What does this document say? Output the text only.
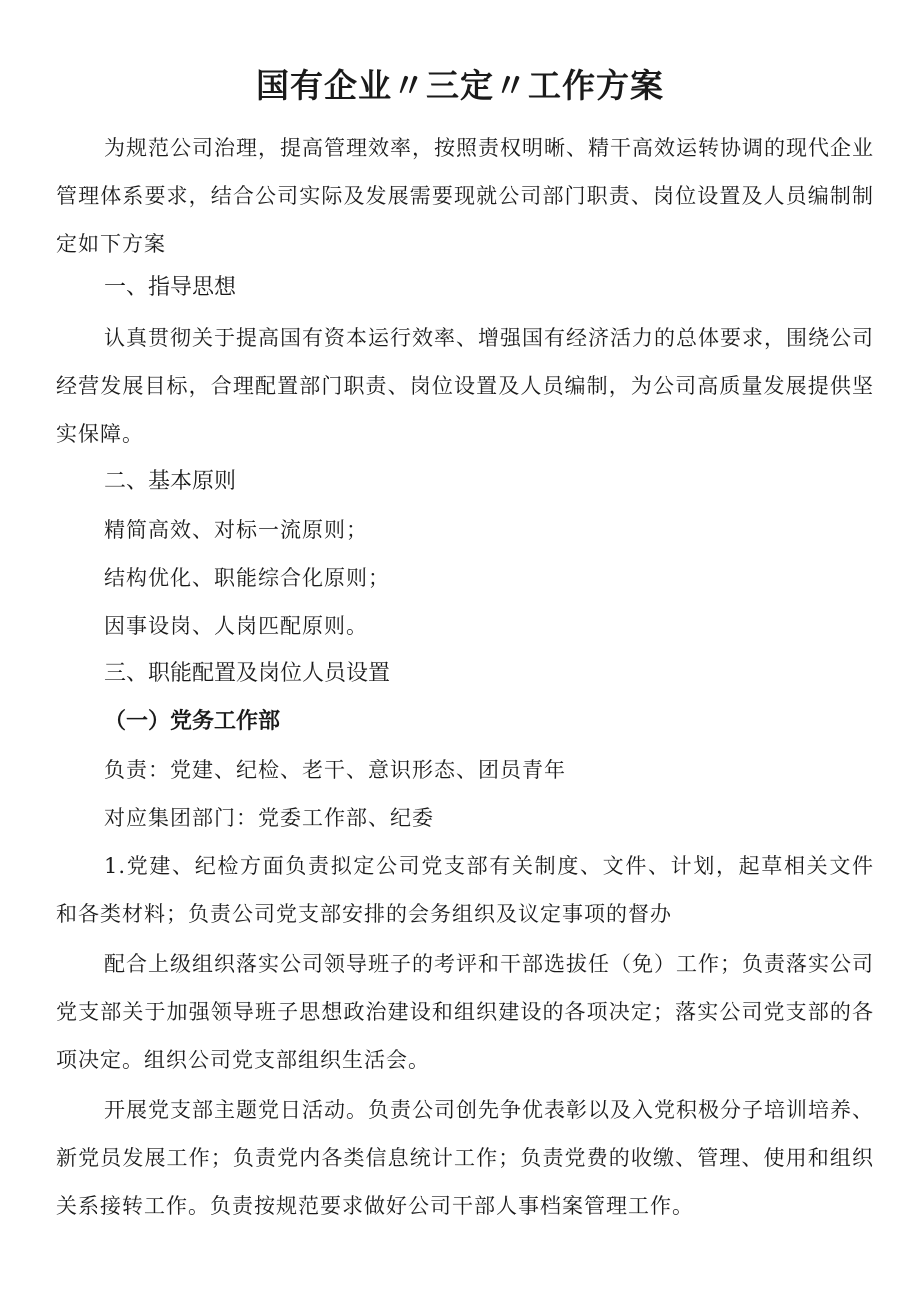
国有企业〃三定〃工作方案

为规范公司治理，提高管理效率，按照责权明晰、精干高效运转协调的现代企业管理体系要求，结合公司实际及发展需要现就公司部门职责、岗位设置及人员编制制定如下方案

一、指导思想

认真贯彻关于提高国有资本运行效率、增强国有经济活力的总体要求，围绕公司经营发展目标，合理配置部门职责、岗位设置及人员编制，为公司高质量发展提供坚实保障。

二、基本原则

精简高效、对标一流原则；

结构优化、职能综合化原则；

因事设岗、人岗匹配原则。

三、职能配置及岗位人员设置
（一）党务工作部

负责：党建、纪检、老干、意识形态、团员青年

对应集团部门：党委工作部、纪委

1.党建、纪检方面负责拟定公司党支部有关制度、文件、计划，起草相关文件和各类材料；负责公司党支部安排的会务组织及议定事项的督办

配合上级组织落实公司领导班子的考评和干部选拔任（免）工作；负责落实公司党支部关于加强领导班子思想政治建设和组织建设的各项决定；落实公司党支部的各项决定。组织公司党支部组织生活会。

开展党支部主题党日活动。负责公司创先争优表彰以及入党积极分子培训培养、新党员发展工作；负责党内各类信息统计工作；负责党费的收缴、管理、使用和组织关系接转工作。负责按规范要求做好公司干部人事档案管理工作。
